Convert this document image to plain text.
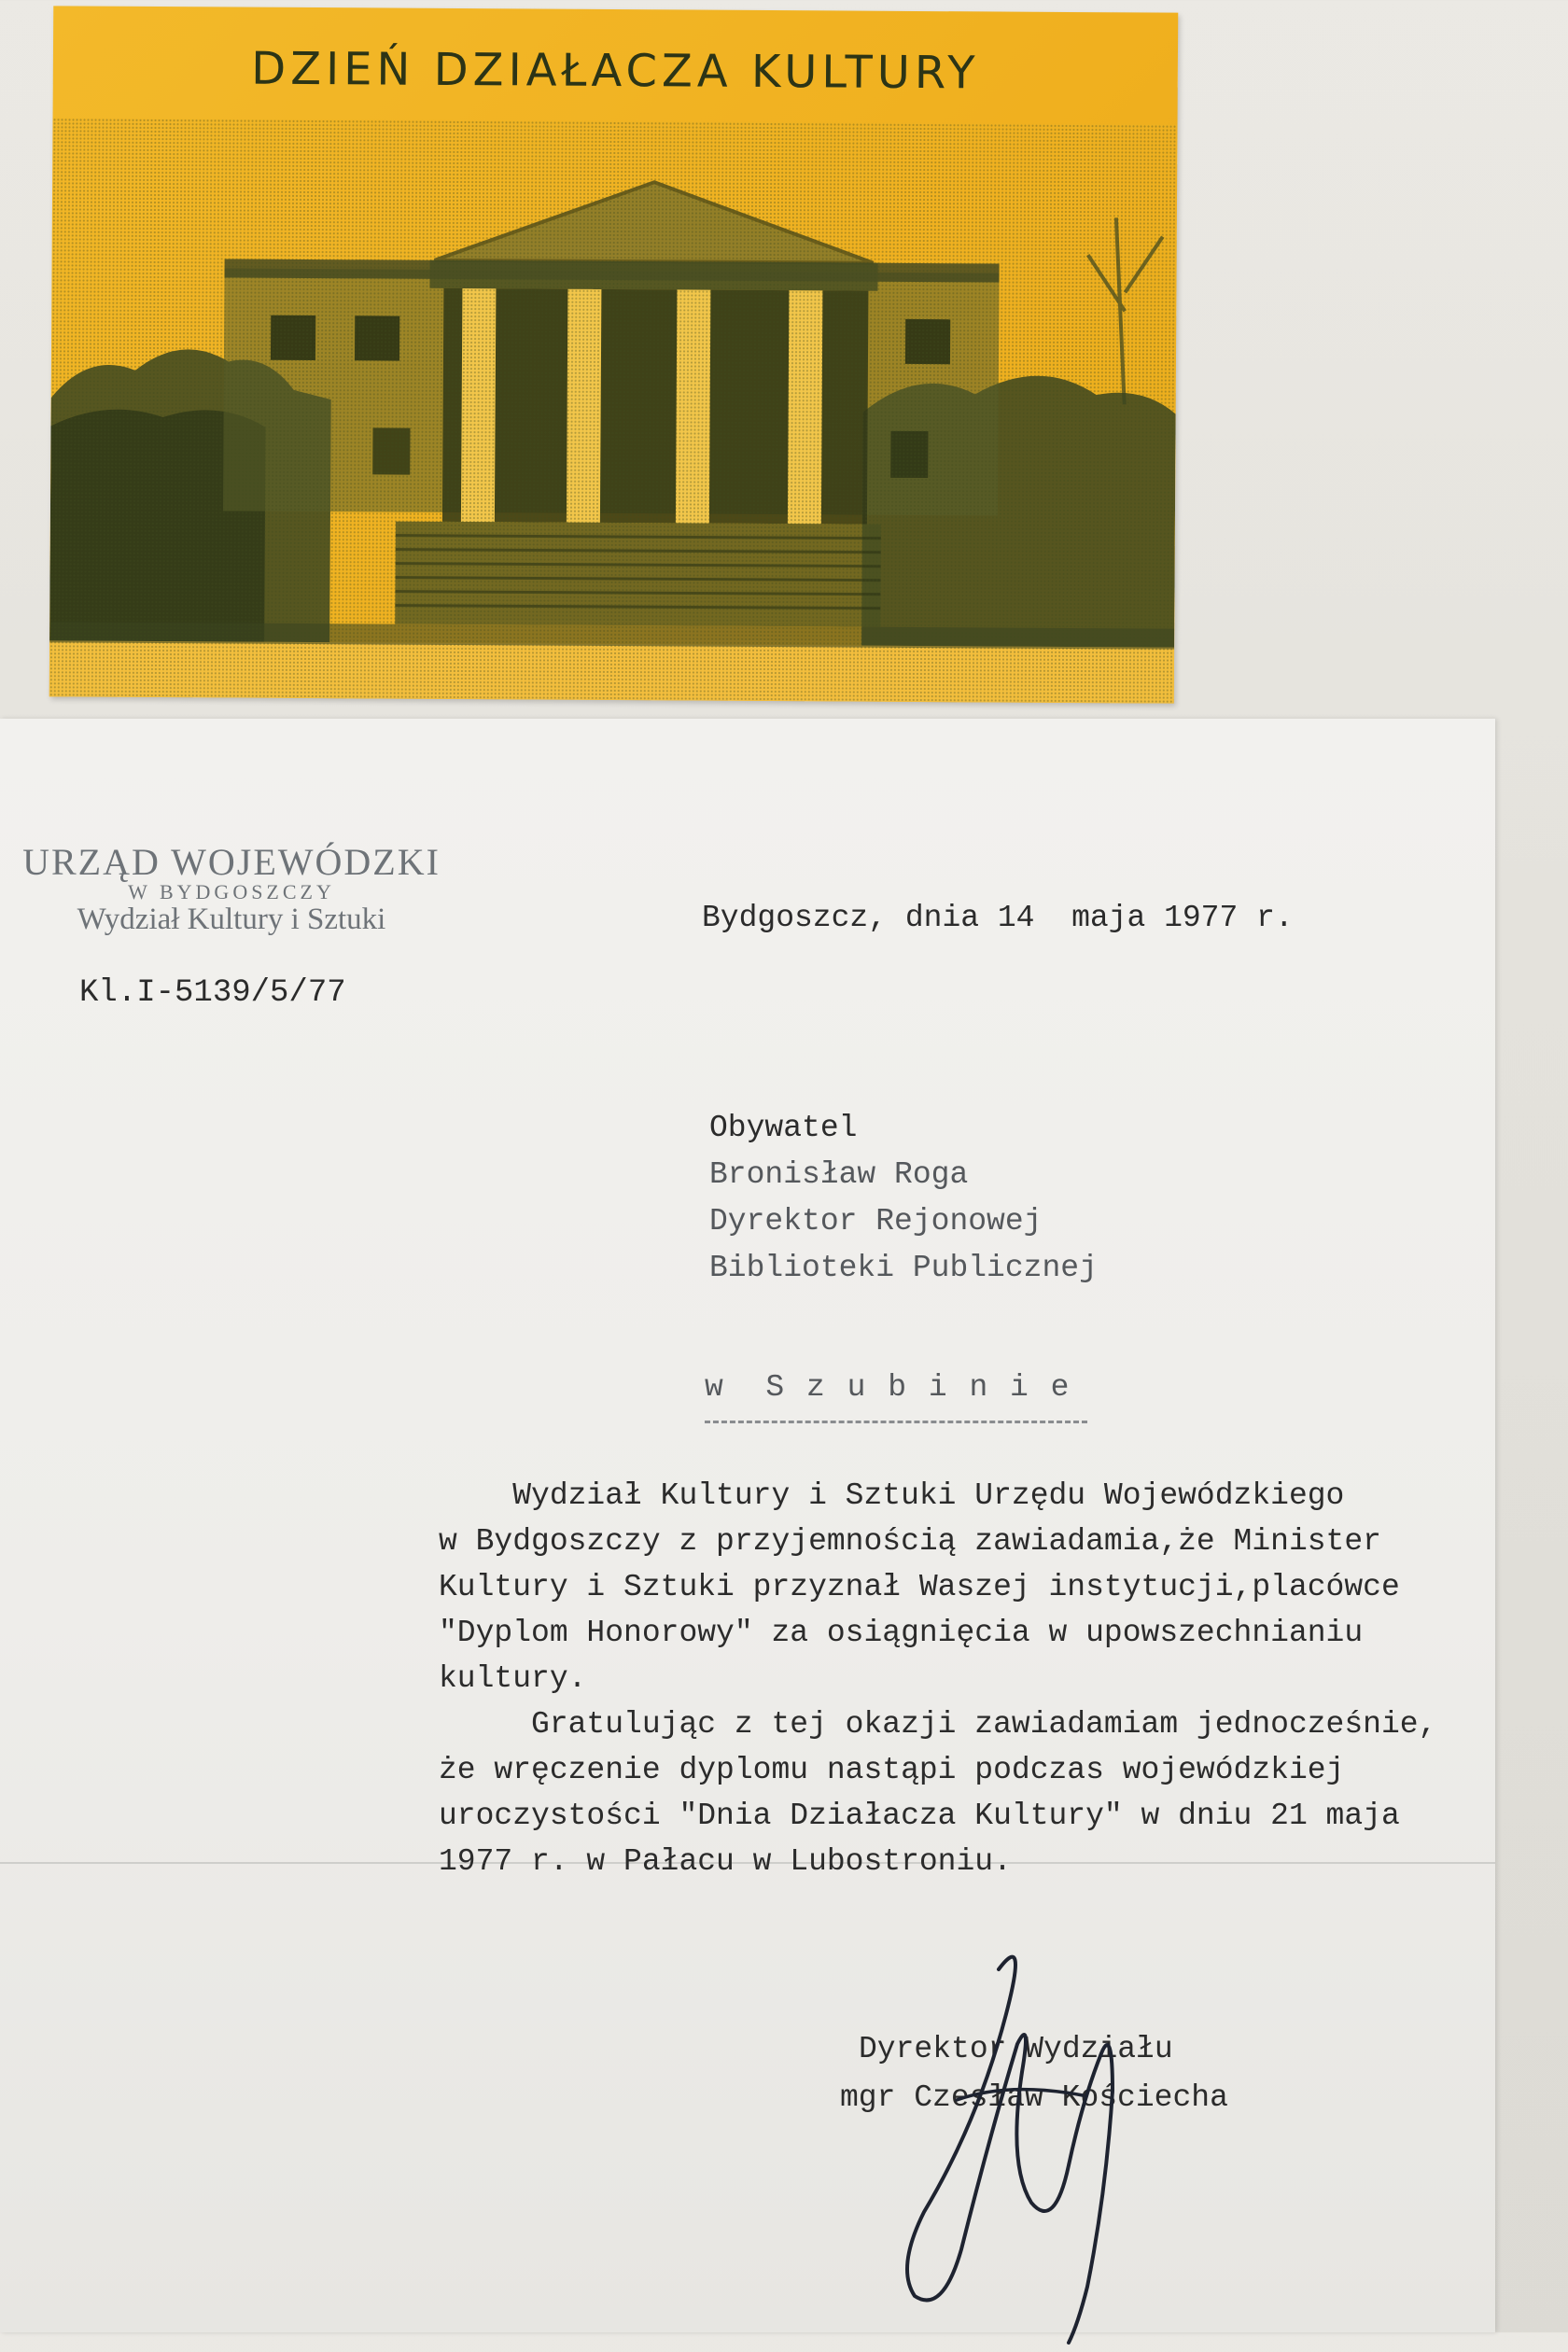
DZIEŃ DZIAŁACZA KULTURY
URZĄD WOJEWÓDZKI
W BYDGOSZCZY
Wydział Kultury i Sztuki
Kl.I-5139/5/77
Bydgoszcz, dnia 14  maja 1977 r.
Obywatel
Bronisław Roga
Dyrektor Rejonowej
Biblioteki Publicznej
w  S z u b i n i e
Wydział Kultury i Sztuki Urzędu Wojewódzkiego
w Bydgoszczy z przyjemnością zawiadamia,że Minister
Kultury i Sztuki przyznał Waszej instytucji,placówce
"Dyplom Honorowy" za osiągnięcia w upowszechnianiu
kultury.
Gratulując z tej okazji zawiadamiam jednocześnie,
że wręczenie dyplomu nastąpi podczas wojewódzkiej
uroczystości "Dnia Działacza Kultury" w dniu 21 maja
1977 r. w Pałacu w Lubostroniu.
Dyrektor Wydziału
mgr Czesław Kościecha
